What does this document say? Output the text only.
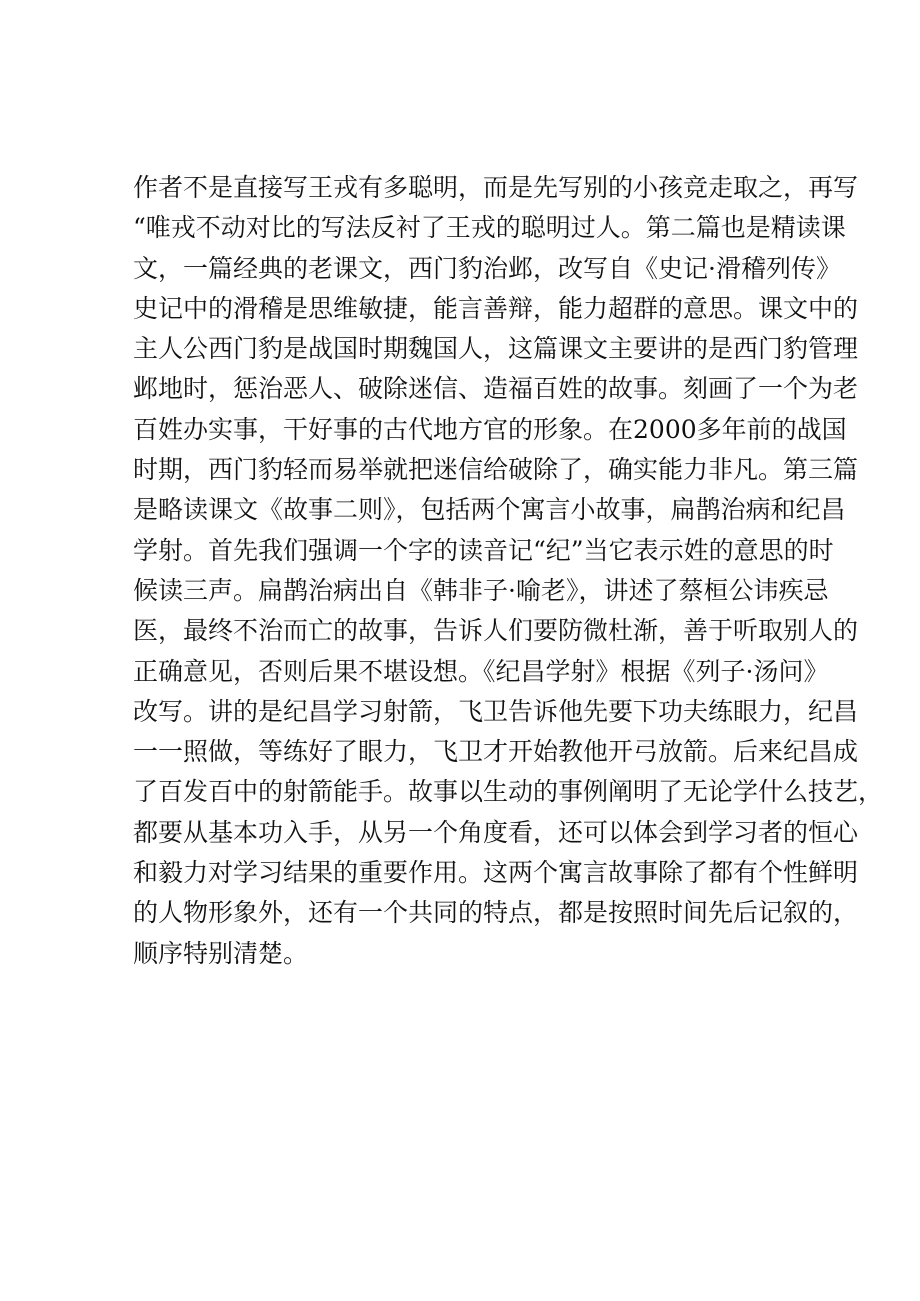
作者不是直接写王戎有多聪明，而是先写别的小孩竞走取之，再写
“唯戎不动对比的写法反衬了王戎的聪明过人。第二篇也是精读课
文，一篇经典的老课文，西门豹治邺，改写自《史记·滑稽列传》
史记中的滑稽是思维敏捷，能言善辩，能力超群的意思。课文中的
主人公西门豹是战国时期魏国人，这篇课文主要讲的是西门豹管理
邺地时，惩治恶人、破除迷信、造福百姓的故事。刻画了一个为老
百姓办实事，干好事的古代地方官的形象。在2000多年前的战国
时期，西门豹轻而易举就把迷信给破除了，确实能力非凡。第三篇
是略读课文《故事二则》，包括两个寓言小故事，扁鹊治病和纪昌
学射。首先我们强调一个字的读音记“纪”当它表示姓的意思的时
候读三声。扁鹊治病出自《韩非子·喻老》，讲述了蔡桓公讳疾忌
医，最终不治而亡的故事，告诉人们要防微杜渐，善于听取别人的
正确意见，否则后果不堪设想。《纪昌学射》根据《列子·汤问》
改写。讲的是纪昌学习射箭，飞卫告诉他先要下功夫练眼力，纪昌
一一照做，等练好了眼力，飞卫才开始教他开弓放箭。后来纪昌成
了百发百中的射箭能手。故事以生动的事例阐明了无论学什么技艺，
都要从基本功入手，从另一个角度看，还可以体会到学习者的恒心
和毅力对学习结果的重要作用。这两个寓言故事除了都有个性鲜明
的人物形象外，还有一个共同的特点，都是按照时间先后记叙的，
顺序特别清楚。
